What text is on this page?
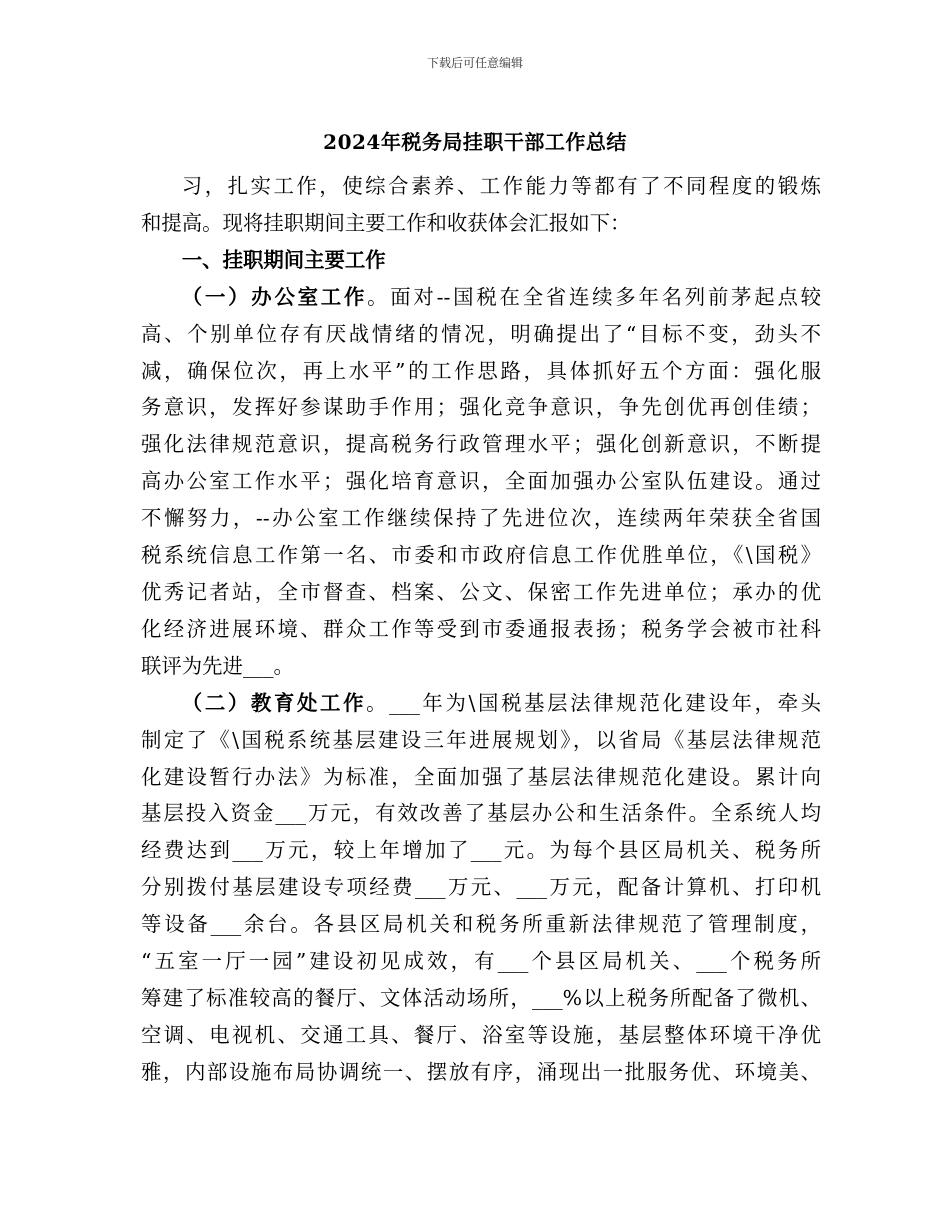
下载后可任意编辑
2024年税务局挂职干部工作总结

习，扎实工作，使综合素养、工作能力等都有了不同程度的锻炼
和提高。现将挂职期间主要工作和收获体会汇报如下：

一、挂职期间主要工作

（一）办公室工作。面对--国税在全省连续多年名列前茅起点较
高、个别单位存有厌战情绪的情况，明确提出了“目标不变，劲头不
减，确保位次，再上水平”的工作思路，具体抓好五个方面：强化服
务意识，发挥好参谋助手作用；强化竞争意识，争先创优再创佳绩；
强化法律规范意识，提高税务行政管理水平；强化创新意识，不断提
高办公室工作水平；强化培育意识，全面加强办公室队伍建设。通过
不懈努力，--办公室工作继续保持了先进位次，连续两年荣获全省国
税系统信息工作第一名、市委和市政府信息工作优胜单位，《\国税》
优秀记者站，全市督查、档案、公文、保密工作先进单位；承办的优
化经济进展环境、群众工作等受到市委通报表扬；税务学会被市社科
联评为先进___。

（二）教育处工作。___年为\国税基层法律规范化建设年，牵头
制定了《\国税系统基层建设三年进展规划》，以省局《基层法律规范
化建设暂行办法》为标准，全面加强了基层法律规范化建设。累计向
基层投入资金___万元，有效改善了基层办公和生活条件。全系统人均
经费达到___万元，较上年增加了___元。为每个县区局机关、税务所
分别拨付基层建设专项经费___万元、___万元，配备计算机、打印机
等设备___余台。各县区局机关和税务所重新法律规范了管理制度，
“五室一厅一园”建设初见成效，有___个县区局机关、___个税务所
筹建了标准较高的餐厅、文体活动场所，___%以上税务所配备了微机、
空调、电视机、交通工具、餐厅、浴室等设施，基层整体环境干净优
雅，内部设施布局协调统一、摆放有序，涌现出一批服务优、环境美、
